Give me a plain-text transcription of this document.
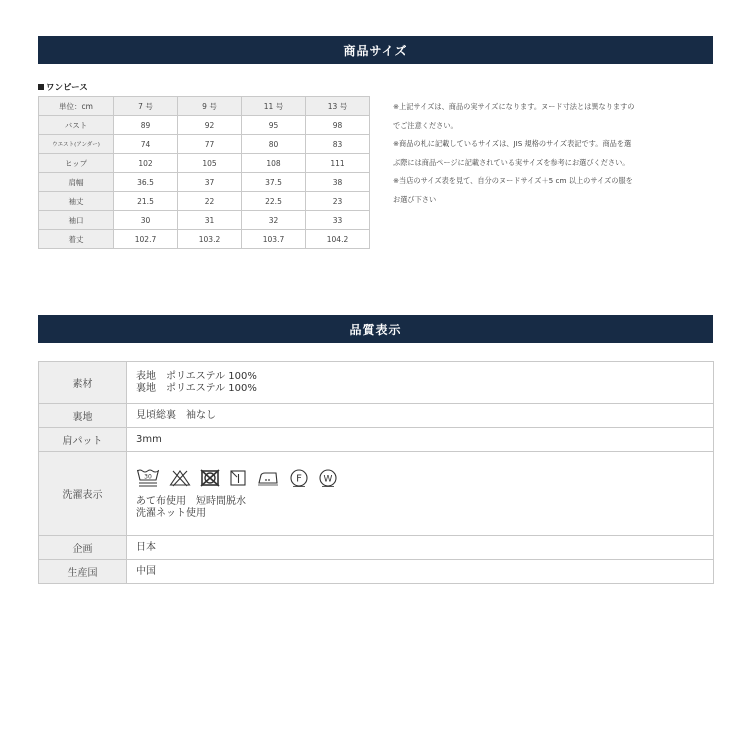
商品サイズ
ワンピース
単位：cm	7 号	9 号	11 号	13 号
バスト	89	92	95	98
ウエスト(アンダー)	74	77	80	83
ヒップ	102	105	108	111
肩幅	36.5	37	37.5	38
袖丈	21.5	22	22.5	23
袖口	30	31	32	33
着丈	102.7	103.2	103.7	104.2
※上記サイズは、商品の実サイズになります。ヌード寸法とは異なりますの
でご注意ください。
※商品の札に記載しているサイズは、JIS 規格のサイズ表記です。商品を選
ぶ際には商品ページに記載されている実サイズを参考にお選びください。
※当店のサイズ表を見て、自分のヌードサイズ＋5 cm 以上のサイズの服を
お選び下さい
品質表示
素材	表地　ポリエステル 100%
裏地　ポリエステル 100%

裏地	見頃総裏　袖なし
肩パット	3mm
洗濯表示	30 F W
あて布使用　短時間脱水
洗濯ネット使用

企画	日本
生産国	中国
